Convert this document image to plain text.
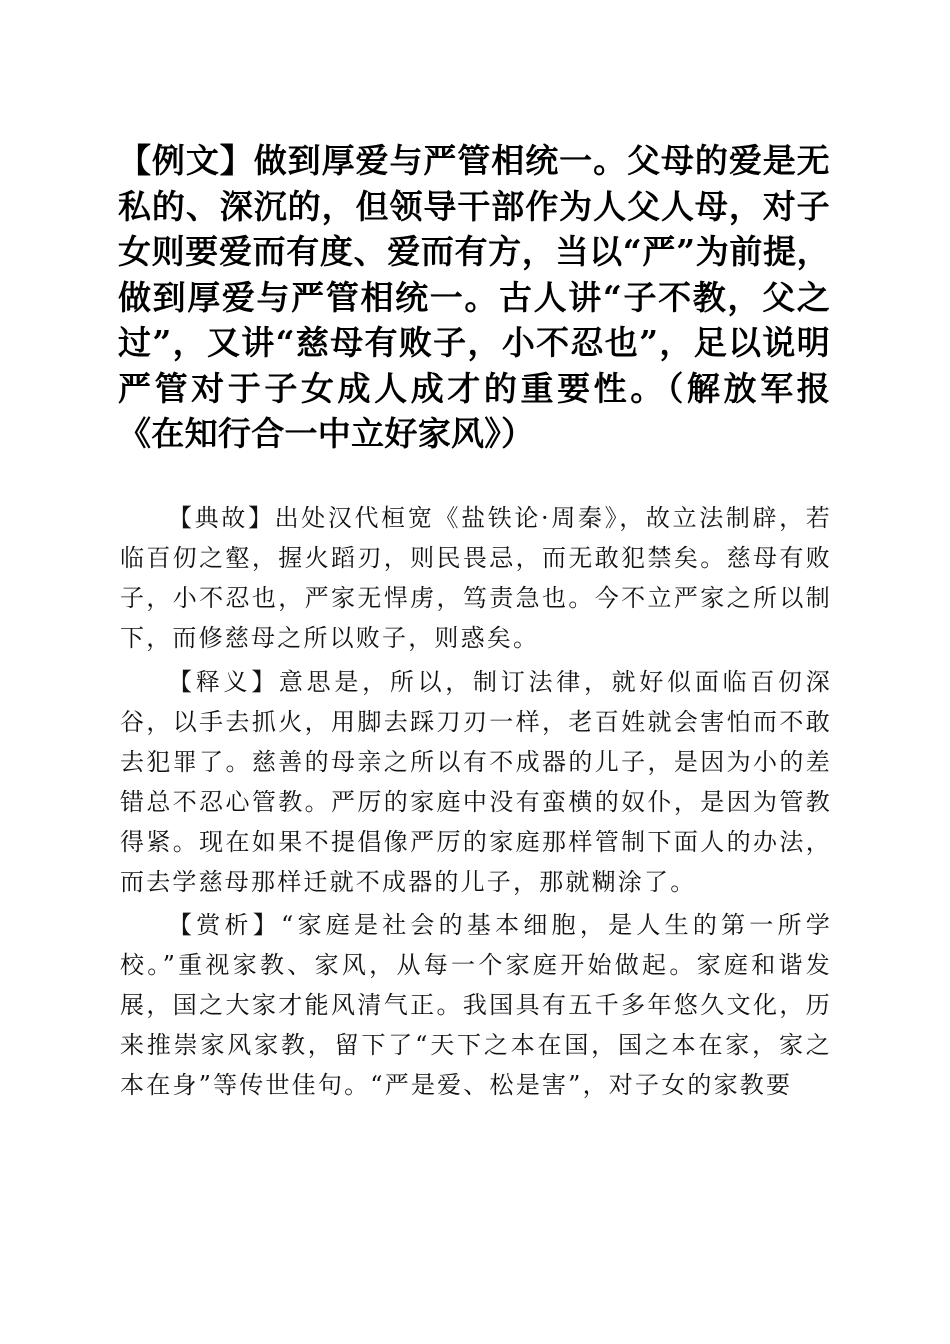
【例文】做到厚爱与严管相统一。父母的爱是无私的、深沉的，但领导干部作为人父人母，对子女则要爱而有度、爱而有方，当以“严”为前提，做到厚爱与严管相统一。古人讲“子不教，父之过”，又讲“慈母有败子，小不忍也”，足以说明严管对于子女成人成才的重要性。（解放军报《在知行合一中立好家风》）

【典故】出处汉代桓宽《盐铁论·周秦》，故立法制辟，若临百仞之壑，握火蹈刃，则民畏忌，而无敢犯禁矣。慈母有败子，小不忍也，严家无悍虏，笃责急也。今不立严家之所以制下，而修慈母之所以败子，则惑矣。

【释义】意思是，所以，制订法律，就好似面临百仞深谷，以手去抓火，用脚去踩刀刃一样，老百姓就会害怕而不敢去犯罪了。慈善的母亲之所以有不成器的儿子，是因为小的差错总不忍心管教。严厉的家庭中没有蛮横的奴仆，是因为管教得紧。现在如果不提倡像严厉的家庭那样管制下面人的办法，而去学慈母那样迁就不成器的儿子，那就糊涂了。

【赏析】“家庭是社会的基本细胞，是人生的第一所学校。”重视家教、家风，从每一个家庭开始做起。家庭和谐发展，国之大家才能风清气正。我国具有五千多年悠久文化，历来推崇家风家教，留下了“天下之本在国，国之本在家，家之本在身”等传世佳句。“严是爱、松是害”，对子女的家教要
